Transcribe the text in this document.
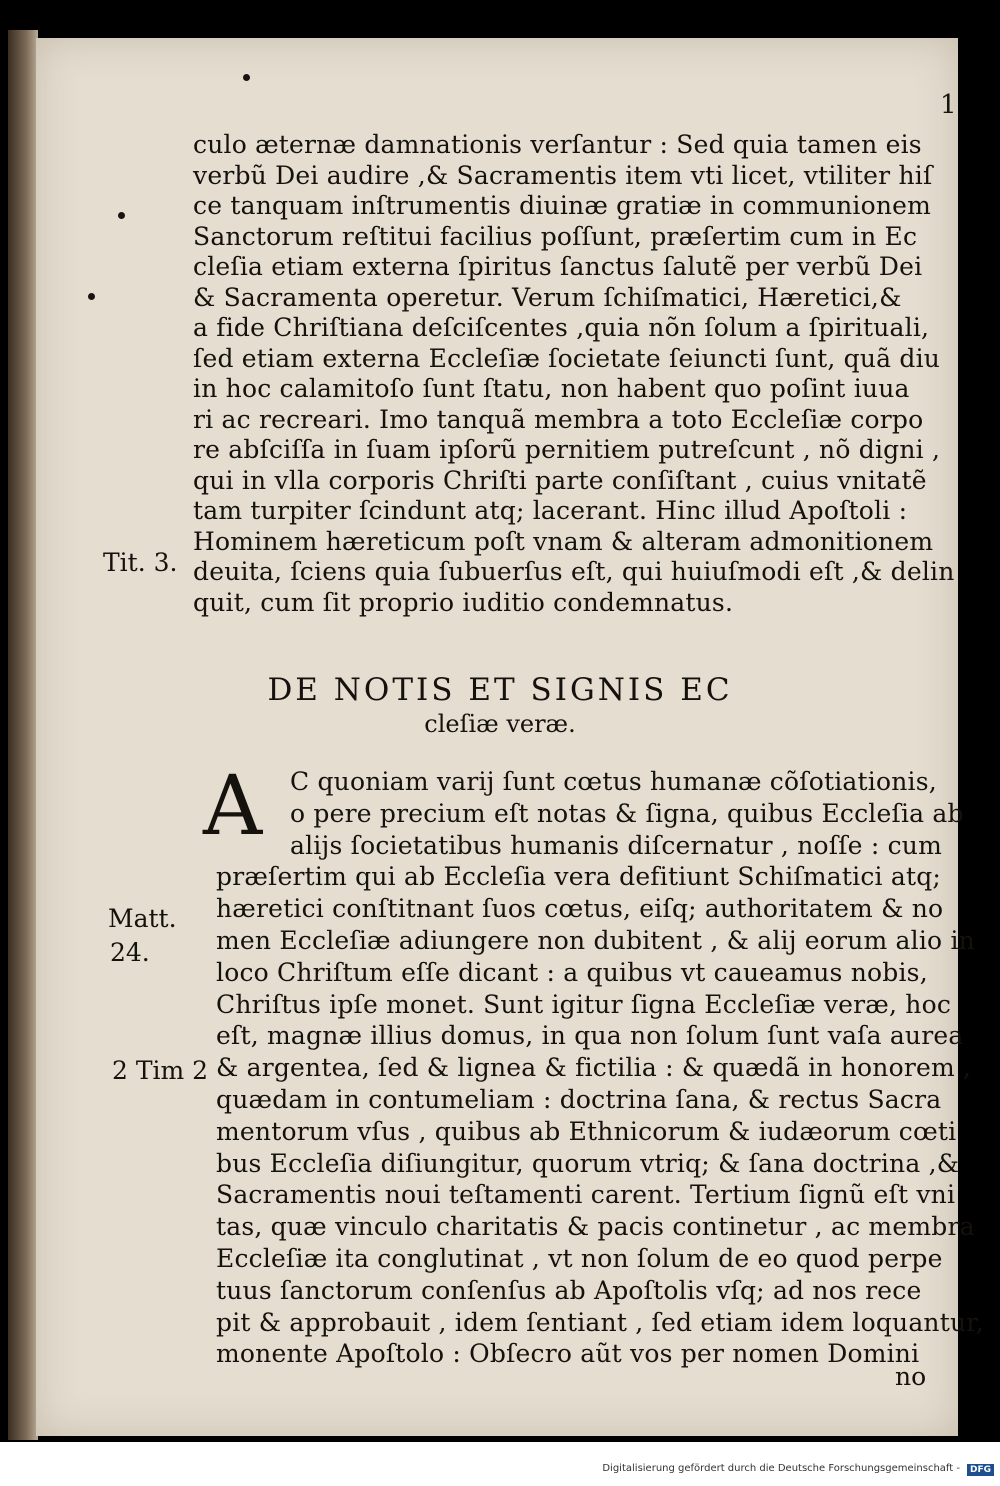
1
culo æternæ damnationis verſantur : Sed quia tamen eis
verbũ Dei audire ,& Sacramentis item vti licet, vtiliter hiſ
ce tanquam inſtrumentis diuinæ gratiæ in communionem
Sanctorum reſtitui facilius poſſunt, præſertim cum in Ec
cleſia etiam externa ſpiritus ſanctus ſalutẽ per verbũ Dei
& Sacramenta operetur. Verum ſchiſmatici, Hæretici,&
a fide Chriſtiana deſciſcentes ,quia nõn ſolum a ſpirituali,
ſed etiam externa Eccleſiæ ſocietate ſeiuncti ſunt, quã diu
in hoc calamitoſo ſunt ſtatu, non habent quo poſint iuua
ri ac recreari. Imo tanquã membra a toto Eccleſiæ corpo
re abſciſſa in ſuam ipſorũ pernitiem putreſcunt , nõ digni ,
qui in vlla corporis Chriſti parte conſiſtant , cuius vnitatẽ
tam turpiter ſcindunt atq; lacerant. Hinc illud Apoſtoli :
Hominem hæreticum poſt vnam & alteram admonitionem
deuita, ſciens quia ſubuerſus eſt, qui huiuſmodi eſt ,& delin
quit, cum ſit proprio iuditio condemnatus.
DE NOTIS ET SIGNIS EC
cleſiæ veræ.
A C quoniam varij ſunt cœtus humanæ cõſotiationis,
o pere precium eſt notas & ſigna, quibus Eccleſia ab
alijs ſocietatibus humanis diſcernatur , noſſe : cum
præſertim qui ab Eccleſia vera defitiunt Schiſmatici atq;
hæretici conſtitnant ſuos cœtus, eiſq; authoritatem & no
men Eccleſiæ adiungere non dubitent , & alij eorum alio in
loco Chriſtum eſſe dicant : a quibus vt caueamus nobis,
Chriſtus ipſe monet. Sunt igitur ſigna Eccleſiæ veræ, hoc
eſt, magnæ illius domus, in qua non ſolum ſunt vaſa aurea
& argentea, ſed & lignea & fictilia : & quædã in honorem ,
quædam in contumeliam : doctrina ſana, & rectus Sacra
mentorum vſus , quibus ab Ethnicorum & iudæorum cœti
bus Eccleſia diſiungitur, quorum vtriq; & ſana doctrina ,&
Sacramentis noui teſtamenti carent. Tertium ſignũ eſt vni
tas, quæ vinculo charitatis & pacis continetur , ac membra
Eccleſiæ ita conglutinat , vt non ſolum de eo quod perpe
tuus ſanctorum conſenſus ab Apoſtolis vſq; ad nos rece
pit & approbauit , idem ſentiant , ſed etiam idem loquantur,
monente Apoſtolo : Obſecro aũt vos per nomen Domini
no
Tit. 3.
Matt.
24.
2 Tim 2
Digitalisierung gefördert durch die Deutsche Forschungsgemeinschaft -	DFG
